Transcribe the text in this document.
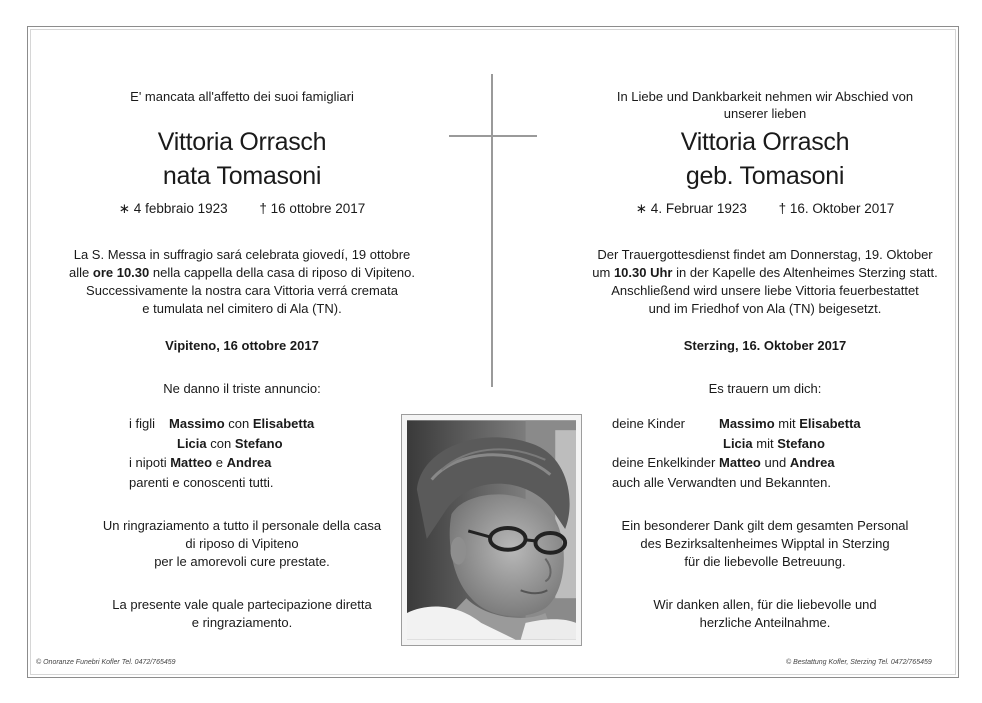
E' mancata all'affetto dei suoi famigliari
Vittoria Orrasch
nata Tomasoni
∗ 4 febbraio 1923 † 16 ottobre 2017
La S. Messa in suffragio sará celebrata giovedí, 19 ottobre
alle ore 10.30 nella cappella della casa di riposo di Vipiteno.
Successivamente la nostra cara Vittoria verrá cremata
e tumulata nel cimitero di Ala (TN).
Vipiteno, 16 ottobre 2017
Ne danno il triste annuncio:
i figli Massimo con Elisabetta
Licia con Stefano
i nipoti Matteo e Andrea
parenti e conoscenti tutti.
Un ringraziamento a tutto il personale della casa
di riposo di Vipiteno
per le amorevoli cure prestate.
La presente vale quale partecipazione diretta
e ringraziamento.
© Onoranze Funebri Kofler Tel. 0472/765459
In Liebe und Dankbarkeit nehmen wir Abschied von
unserer lieben
Vittoria Orrasch
geb. Tomasoni
∗ 4. Februar 1923 † 16. Oktober 2017
Der Trauergottesdienst findet am Donnerstag, 19. Oktober
um 10.30 Uhr in der Kapelle des Altenheimes Sterzing statt.
Anschließend wird unsere liebe Vittoria feuerbestattet
und im Friedhof von Ala (TN) beigesetzt.
Sterzing, 16. Oktober 2017
Es trauern um dich:
deine Kinder	Massimo mit Elisabetta
Licia mit Stefano
deine Enkelkinder Matteo und Andrea
auch alle Verwandten und Bekannten.
Ein besonderer Dank gilt dem gesamten Personal
des Bezirksaltenheimes Wipptal in Sterzing
für die liebevolle Betreuung.
Wir danken allen, für die liebevolle und
herzliche Anteilnahme.
© Bestattung Kofler, Sterzing Tel. 0472/765459
